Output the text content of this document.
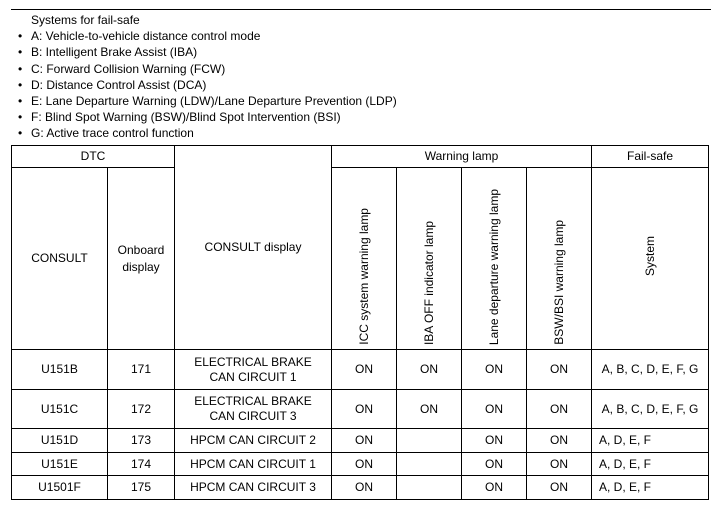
Systems for fail-safe
• A: Vehicle-to-vehicle distance control mode
• B: Intelligent Brake Assist (IBA)
• C: Forward Collision Warning (FCW)
• D: Distance Control Assist (DCA)
• E: Lane Departure Warning (LDW)/Lane Departure Prevention (LDP)
• F: Blind Spot Warning (BSW)/Blind Spot Intervention (BSI)
• G: Active trace control function
DTC		CONSULT display	Warning lamp				Fail-safe
CONSULT	Onboard display		ICC system warning lamp	IBA OFF indicator lamp	Lane departure warning lamp	BSW/BSI warning lamp	System
U151B	171	ELECTRICAL BRAKE
CAN CIRCUIT 1	ON	ON	ON	ON	A, B, C, D, E, F, G
U151C	172	ELECTRICAL BRAKE
CAN CIRCUIT 3	ON	ON	ON	ON	A, B, C, D, E, F, G
U151D	173	HPCM CAN CIRCUIT 2	ON		ON	ON	A, D, E, F
U151E	174	HPCM CAN CIRCUIT 1	ON		ON	ON	A, D, E, F
U1501F	175	HPCM CAN CIRCUIT 3	ON		ON	ON	A, D, E, F
